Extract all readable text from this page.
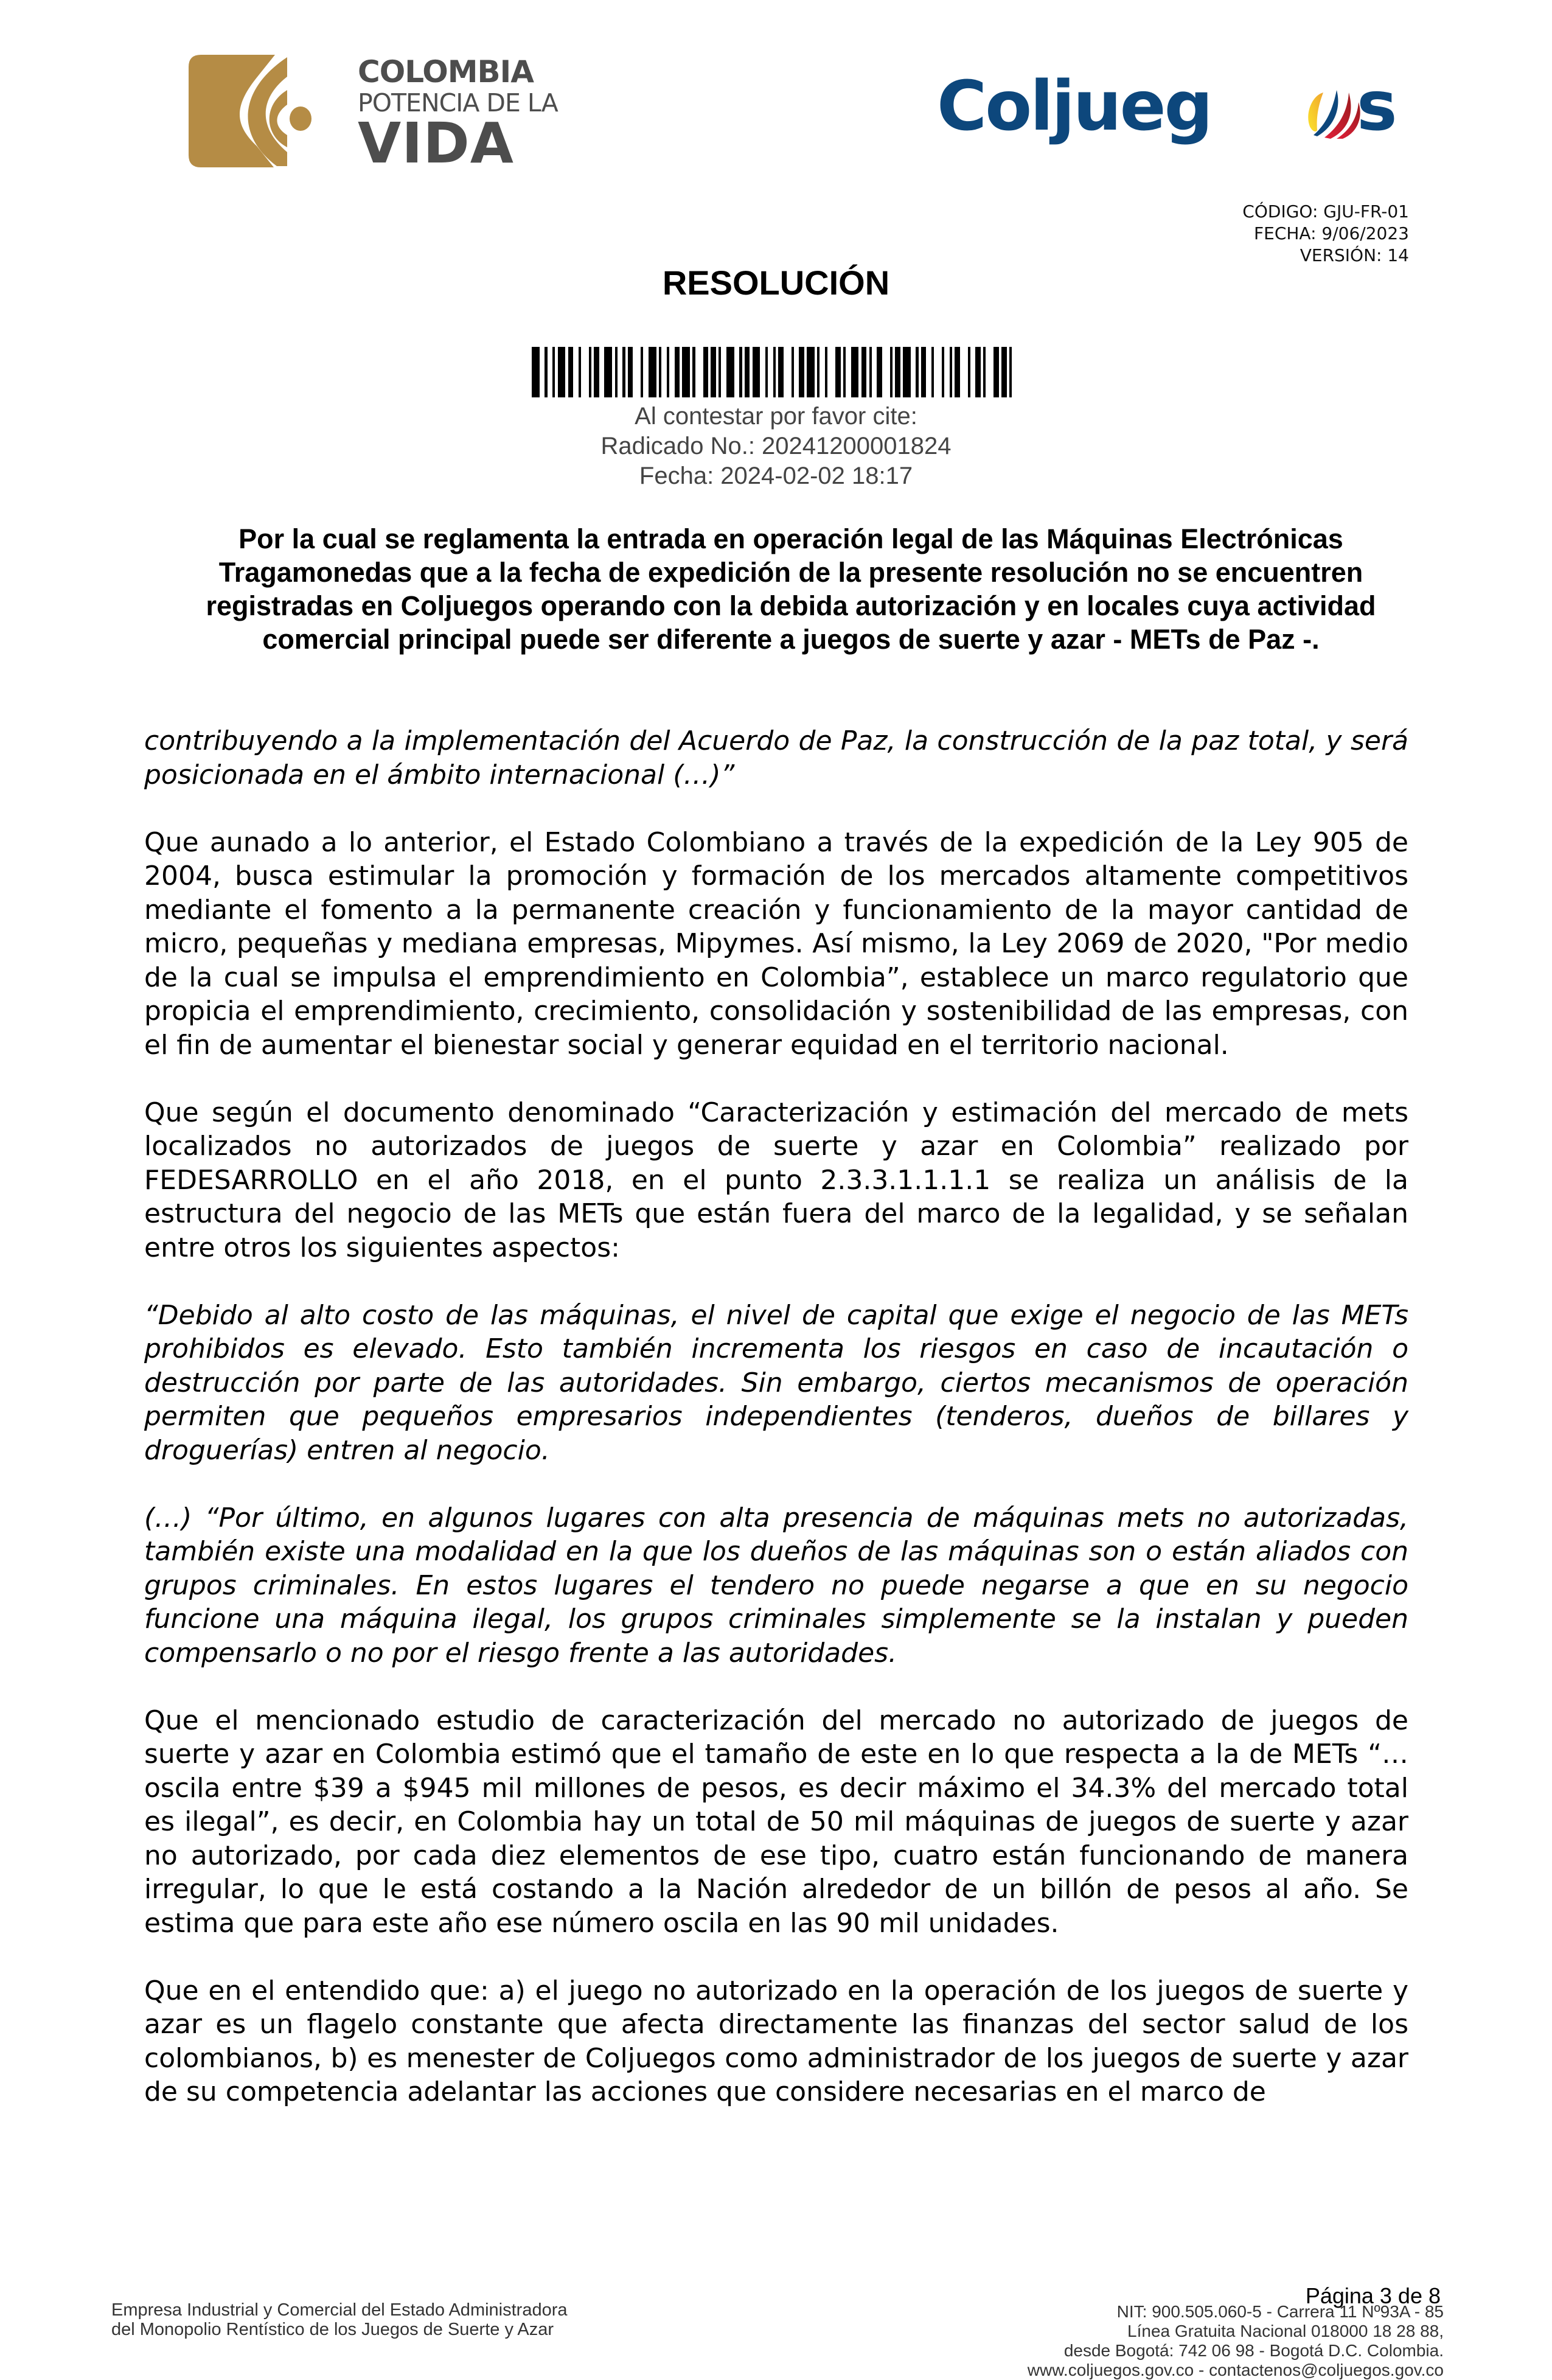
COLOMBIA
POTENCIA DE LA
VIDA	Coljueg s
CÓDIGO: GJU-FR-01
FECHA: 9/06/2023
VERSIÓN: 14
RESOLUCIÓN
Al contestar por favor cite:
Radicado No.: 20241200001824
Fecha: 2024-02-02 18:17
Por la cual se reglamenta la entrada en operación legal de las Máquinas Electrónicas Tragamonedas que a la fecha de expedición de la presente resolución no se encuentren registradas en Coljuegos operando con la debida autorización y en locales cuya actividad comercial principal puede ser diferente a juegos de suerte y azar - METs de Paz -.

contribuyendo a la implementación del Acuerdo de Paz, la construcción de la paz total, y será posicionada en el ámbito internacional (…)”

Que aunado a lo anterior, el Estado Colombiano a través de la expedición de la Ley 905 de 2004, busca estimular la promoción y formación de los mercados altamente competitivos mediante el fomento a la permanente creación y funcionamiento de la mayor cantidad de micro, pequeñas y mediana empresas, Mipymes. Así mismo, la Ley 2069 de 2020, "Por medio de la cual se impulsa el emprendimiento en Colombia”, establece un marco regulatorio que propicia el emprendimiento, crecimiento, consolidación y sostenibilidad de las empresas, con el fin de aumentar el bienestar social y generar equidad en el territorio nacional.

Que según el documento denominado “Caracterización y estimación del mercado de mets localizados no autorizados de juegos de suerte y azar en Colombia” realizado por FEDESARROLLO en el año 2018, en el punto 2.3.3.1.1.1.1 se realiza un análisis de la estructura del negocio de las METs que están fuera del marco de la legalidad, y se señalan entre otros los siguientes aspectos:

“Debido al alto costo de las máquinas, el nivel de capital que exige el negocio de las METs prohibidos es elevado. Esto también incrementa los riesgos en caso de incautación o destrucción por parte de las autoridades. Sin embargo, ciertos mecanismos de operación permiten que pequeños empresarios independientes (tenderos, dueños de billares y droguerías) entren al negocio.

(…) “Por último, en algunos lugares con alta presencia de máquinas mets no autorizadas, también existe una modalidad en la que los dueños de las máquinas son o están aliados con grupos criminales. En estos lugares el tendero no puede negarse a que en su negocio funcione una máquina ilegal, los grupos criminales simplemente se la instalan y pueden compensarlo o no por el riesgo frente a las autoridades.

Que el mencionado estudio de caracterización del mercado no autorizado de juegos de suerte y azar en Colombia estimó que el tamaño de este en lo que respecta a la de METs “…oscila entre $39 a $945 mil millones de pesos, es decir máximo el 34.3% del mercado total es ilegal”, es decir, en Colombia hay un total de 50 mil máquinas de juegos de suerte y azar no autorizado, por cada diez elementos de ese tipo, cuatro están funcionando de manera irregular, lo que le está costando a la Nación alrededor de un billón de pesos al año. Se estima que para este año ese número oscila en las 90 mil unidades.

Que en el entendido que: a) el juego no autorizado en la operación de los juegos de suerte y azar es un flagelo constante que afecta directamente las finanzas del sector salud de los colombianos, b) es menester de Coljuegos como administrador de los juegos de suerte y azar de su competencia adelantar las acciones que considere necesarias en el marco de

Empresa Industrial y Comercial del Estado Administradora
del Monopolio Rentístico de los Juegos de Suerte y Azar
Página 3 de 8
NIT: 900.505.060-5 - Carrera 11 Nº93A - 85
Línea Gratuita Nacional 018000 18 28 88,
desde Bogotá: 742 06 98 - Bogotá D.C. Colombia.
www.coljuegos.gov.co - contactenos@coljuegos.gov.co
